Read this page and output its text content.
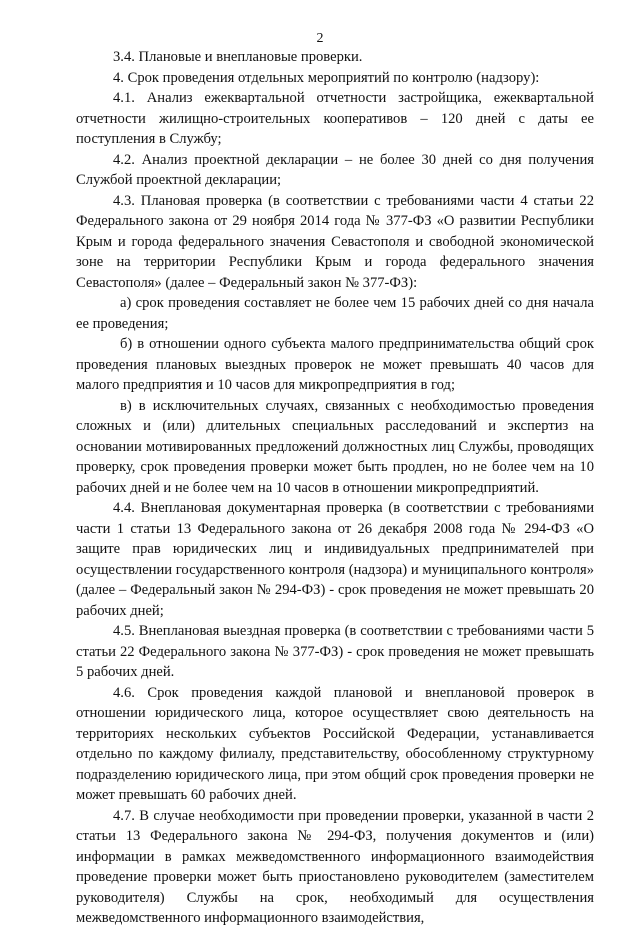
2

3.4. Плановые и внеплановые проверки.

4. Срок проведения отдельных мероприятий по контролю (надзору):

4.1. Анализ ежеквартальной отчетности застройщика, ежеквартальной отчетности жилищно-строительных кооперативов – 120 дней с даты ее поступления в Службу;

4.2. Анализ проектной декларации – не более 30 дней со дня получения Службой проектной декларации;

4.3. Плановая проверка (в соответствии с требованиями части 4 статьи 22 Федерального закона от 29 ноября 2014 года № 377-ФЗ «О развитии Республики Крым и города федерального значения Севастополя и свободной экономической зоне на территории Республики Крым и города федерального значения Севастополя» (далее – Федеральный закон № 377-ФЗ):

а) срок проведения составляет не более чем 15 рабочих дней со дня начала ее проведения;

б) в отношении одного субъекта малого предпринимательства общий срок проведения плановых выездных проверок не может превышать 40 часов для малого предприятия и 10 часов для микропредприятия в год;

в) в исключительных случаях, связанных с необходимостью проведения сложных и (или) длительных специальных расследований и экспертиз на основании мотивированных предложений должностных лиц Службы, проводящих проверку, срок проведения проверки может быть продлен, но не более чем на 10 рабочих дней и не более чем на 10 часов в отношении микропредприятий.

4.4. Внеплановая документарная проверка (в соответствии с требованиями части 1 статьи 13 Федерального закона от 26 декабря 2008 года № 294-ФЗ «О защите прав юридических лиц и индивидуальных предпринимателей при осуществлении государственного контроля (надзора) и муниципального контроля» (далее – Федеральный закон № 294-ФЗ) - срок проведения не может превышать 20 рабочих дней;

4.5. Внеплановая выездная проверка (в соответствии с требованиями части 5 статьи 22 Федерального закона № 377-ФЗ) - срок проведения не может превышать 5 рабочих дней.

4.6. Срок проведения каждой плановой и внеплановой проверок в отношении юридического лица, которое осуществляет свою деятельность на территориях нескольких субъектов Российской Федерации, устанавливается отдельно по каждому филиалу, представительству, обособленному структурному подразделению юридического лица, при этом общий срок проведения проверки не может превышать 60 рабочих дней.

4.7. В случае необходимости при проведении проверки, указанной в части 2 статьи 13 Федерального закона № 294-ФЗ, получения документов и (или) информации в рамках межведомственного информационного взаимодействия проведение проверки может быть приостановлено руководителем (заместителем руководителя) Службы на срок, необходимый для осуществления межведомственного информационного взаимодействия,
